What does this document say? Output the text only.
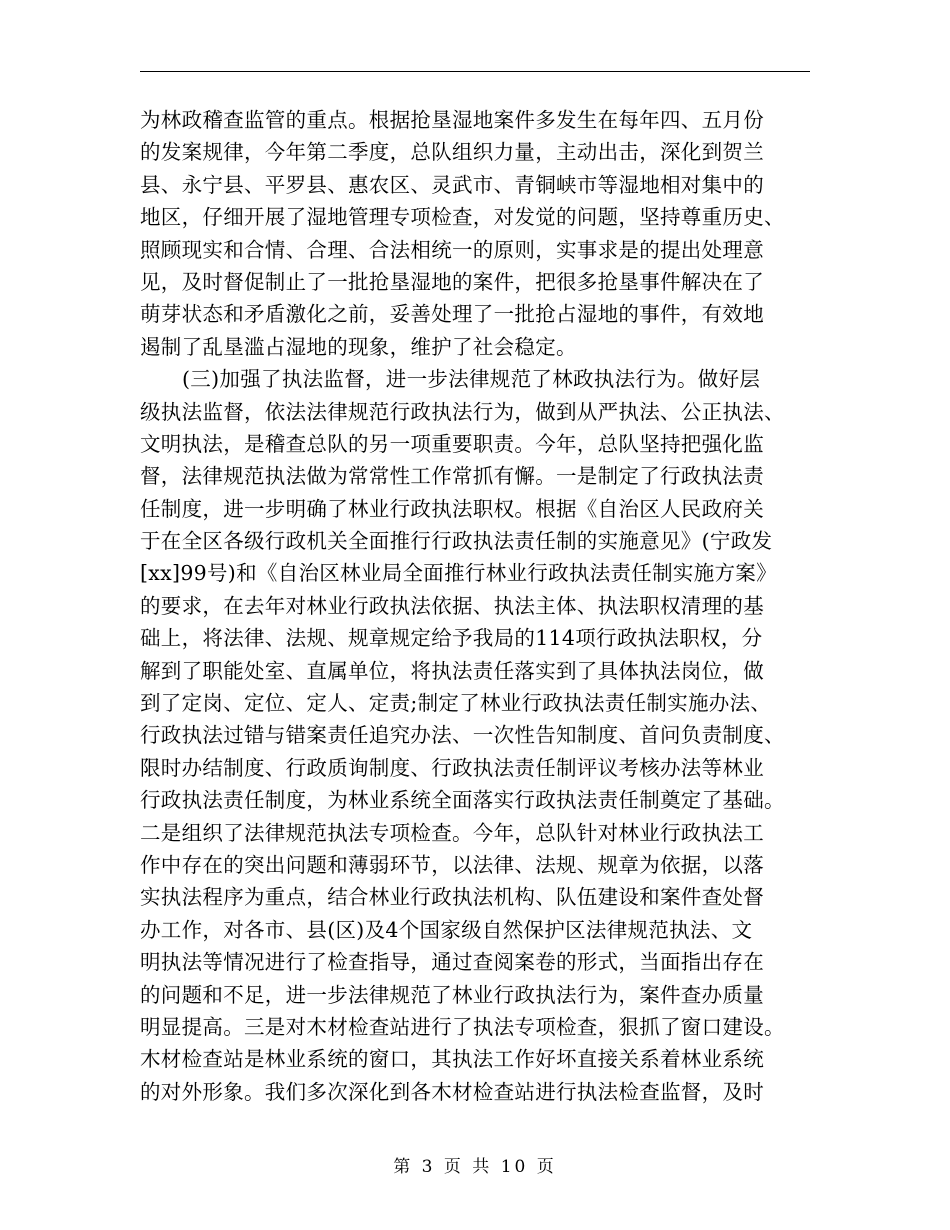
为林政稽查监管的重点。根据抢垦湿地案件多发生在每年四、五月份
的发案规律，今年第二季度，总队组织力量，主动出击，深化到贺兰
县、永宁县、平罗县、惠农区、灵武市、青铜峡市等湿地相对集中的
地区，仔细开展了湿地管理专项检查，对发觉的问题，坚持尊重历史、
照顾现实和合情、合理、合法相统一的原则，实事求是的提出处理意
见，及时督促制止了一批抢垦湿地的案件，把很多抢垦事件解决在了
萌芽状态和矛盾激化之前，妥善处理了一批抢占湿地的事件，有效地
遏制了乱垦滥占湿地的现象，维护了社会稳定。
(三)加强了执法监督，进一步法律规范了林政执法行为。做好层
级执法监督，依法法律规范行政执法行为，做到从严执法、公正执法、
文明执法，是稽查总队的另一项重要职责。今年，总队坚持把强化监
督，法律规范执法做为常常性工作常抓有懈。一是制定了行政执法责
任制度，进一步明确了林业行政执法职权。根据《自治区人民政府关
于在全区各级行政机关全面推行行政执法责任制的实施意见》(宁政发
[xx]99号)和《自治区林业局全面推行林业行政执法责任制实施方案》
的要求，在去年对林业行政执法依据、执法主体、执法职权清理的基
础上，将法律、法规、规章规定给予我局的114项行政执法职权，分
解到了职能处室、直属单位，将执法责任落实到了具体执法岗位，做
到了定岗、定位、定人、定责;制定了林业行政执法责任制实施办法、
行政执法过错与错案责任追究办法、一次性告知制度、首问负责制度、
限时办结制度、行政质询制度、行政执法责任制评议考核办法等林业
行政执法责任制度，为林业系统全面落实行政执法责任制奠定了基础。
二是组织了法律规范执法专项检查。今年，总队针对林业行政执法工
作中存在的突出问题和薄弱环节，以法律、法规、规章为依据，以落
实执法程序为重点，结合林业行政执法机构、队伍建设和案件查处督
办工作，对各市、县(区)及4个国家级自然保护区法律规范执法、文
明执法等情况进行了检查指导，通过查阅案卷的形式，当面指出存在
的问题和不足，进一步法律规范了林业行政执法行为，案件查办质量
明显提高。三是对木材检查站进行了执法专项检查，狠抓了窗口建设。
木材检查站是林业系统的窗口，其执法工作好坏直接关系着林业系统
的对外形象。我们多次深化到各木材检查站进行执法检查监督，及时
第 3 页 共 10 页
